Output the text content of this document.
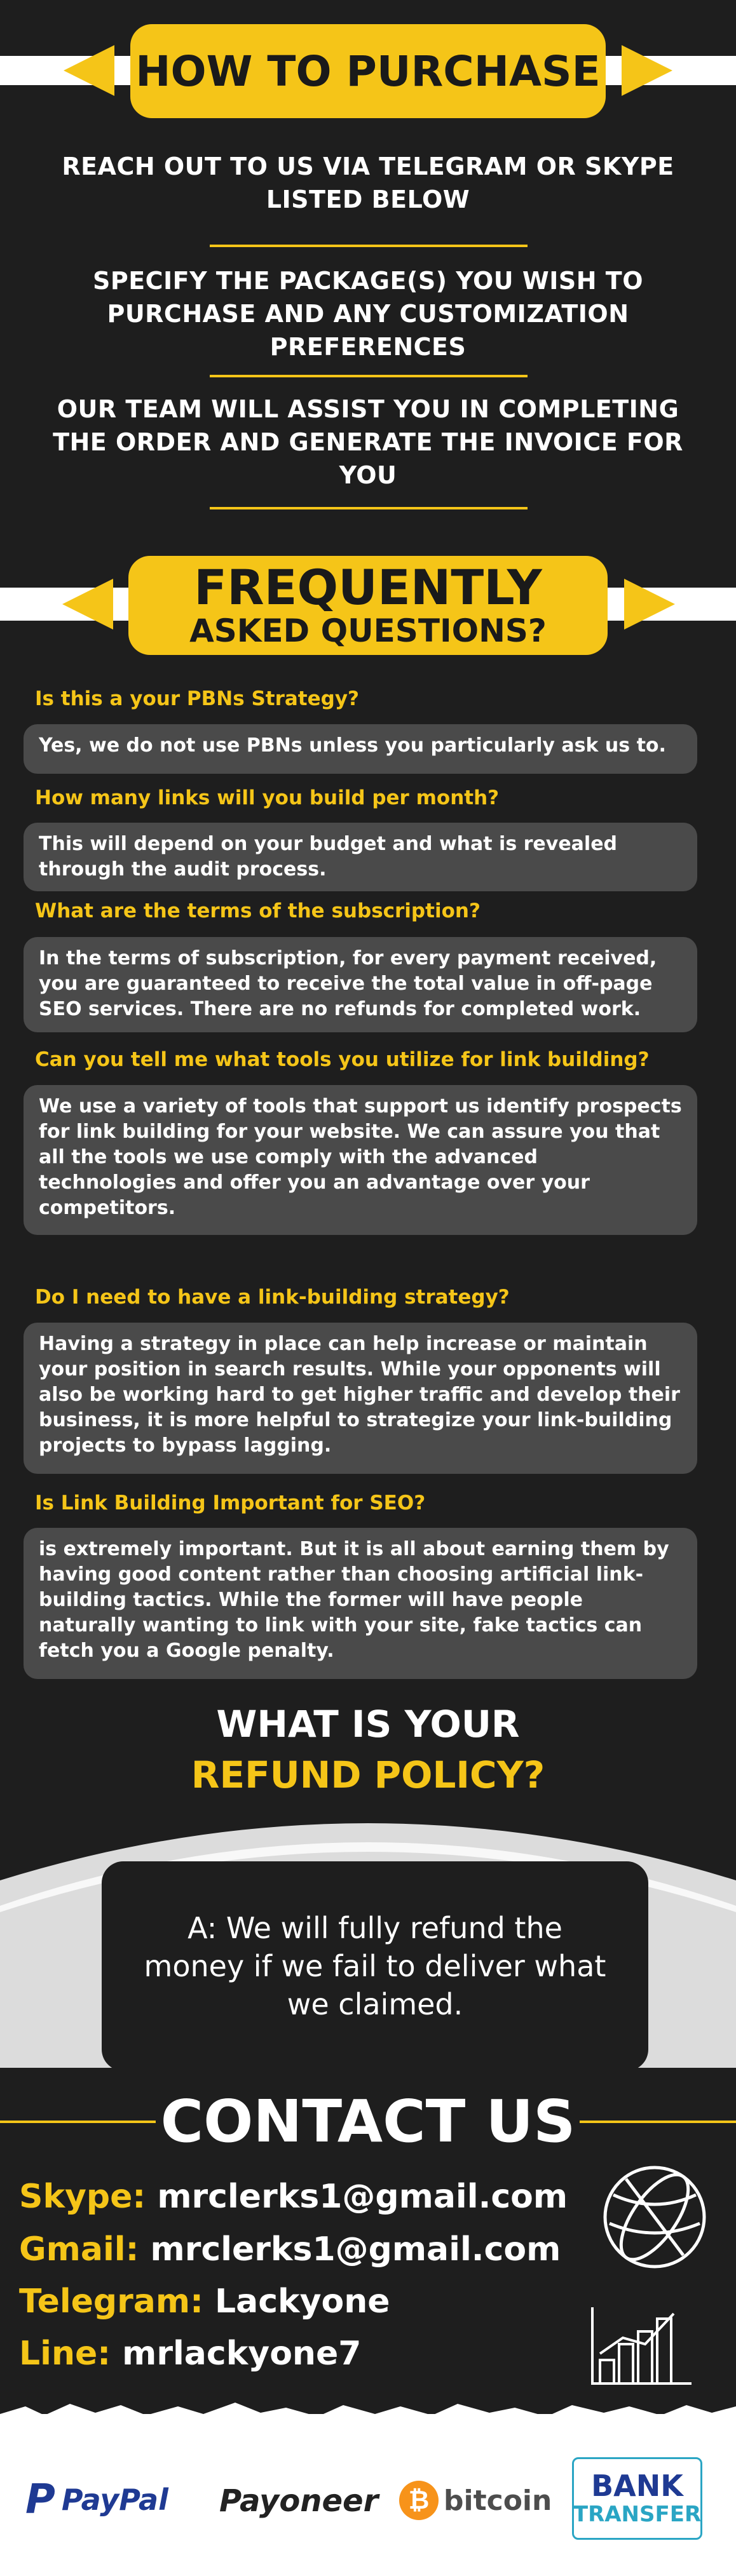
HOW TO PURCHASE
REACH OUT TO US VIA TELEGRAM OR SKYPE LISTED BELOW
SPECIFY THE PACKAGE(S) YOU WISH TO PURCHASE AND ANY CUSTOMIZATION PREFERENCES
OUR TEAM WILL ASSIST YOU IN COMPLETING THE ORDER AND GENERATE THE INVOICE FOR YOU
FREQUENTLY
ASKED QUESTIONS?
Is this a your PBNs Strategy?
Yes, we do not use PBNs unless you particularly ask us to.
How many links will you build per month?
This will depend on your budget and what is revealed through the audit process.
What are the terms of the subscription?
In the terms of subscription, for every payment received, you are guaranteed to receive the total value in off-page SEO services. There are no refunds for completed work.
Can you tell me what tools you utilize for link building?
We use a variety of tools that support us identify prospects for link building for your website. We can assure you that all the tools we use comply with the advanced technologies and offer you an advantage over your competitors.
Do I need to have a link-building strategy?
Having a strategy in place can help increase or maintain your position in search results. While your opponents will also be working hard to get higher traffic and develop their business, it is more helpful to strategize your link-building projects to bypass lagging.
Is Link Building Important for SEO?
is extremely important. But it is all about earning them by having good content rather than choosing artificial link-building tactics. While the former will have people naturally wanting to link with your site, fake tactics can fetch you a Google penalty.
WHAT IS YOUR
REFUND POLICY?
A: We will fully refund the money if we fail to deliver what we claimed.
CONTACT US
Skype: mrclerks1@gmail.com
Gmail: mrclerks1@gmail.com
Telegram: Lackyone
Line: mrlackyone7
P PayPal Payoneer	₿ bitcoin BANK
TRANSFER
